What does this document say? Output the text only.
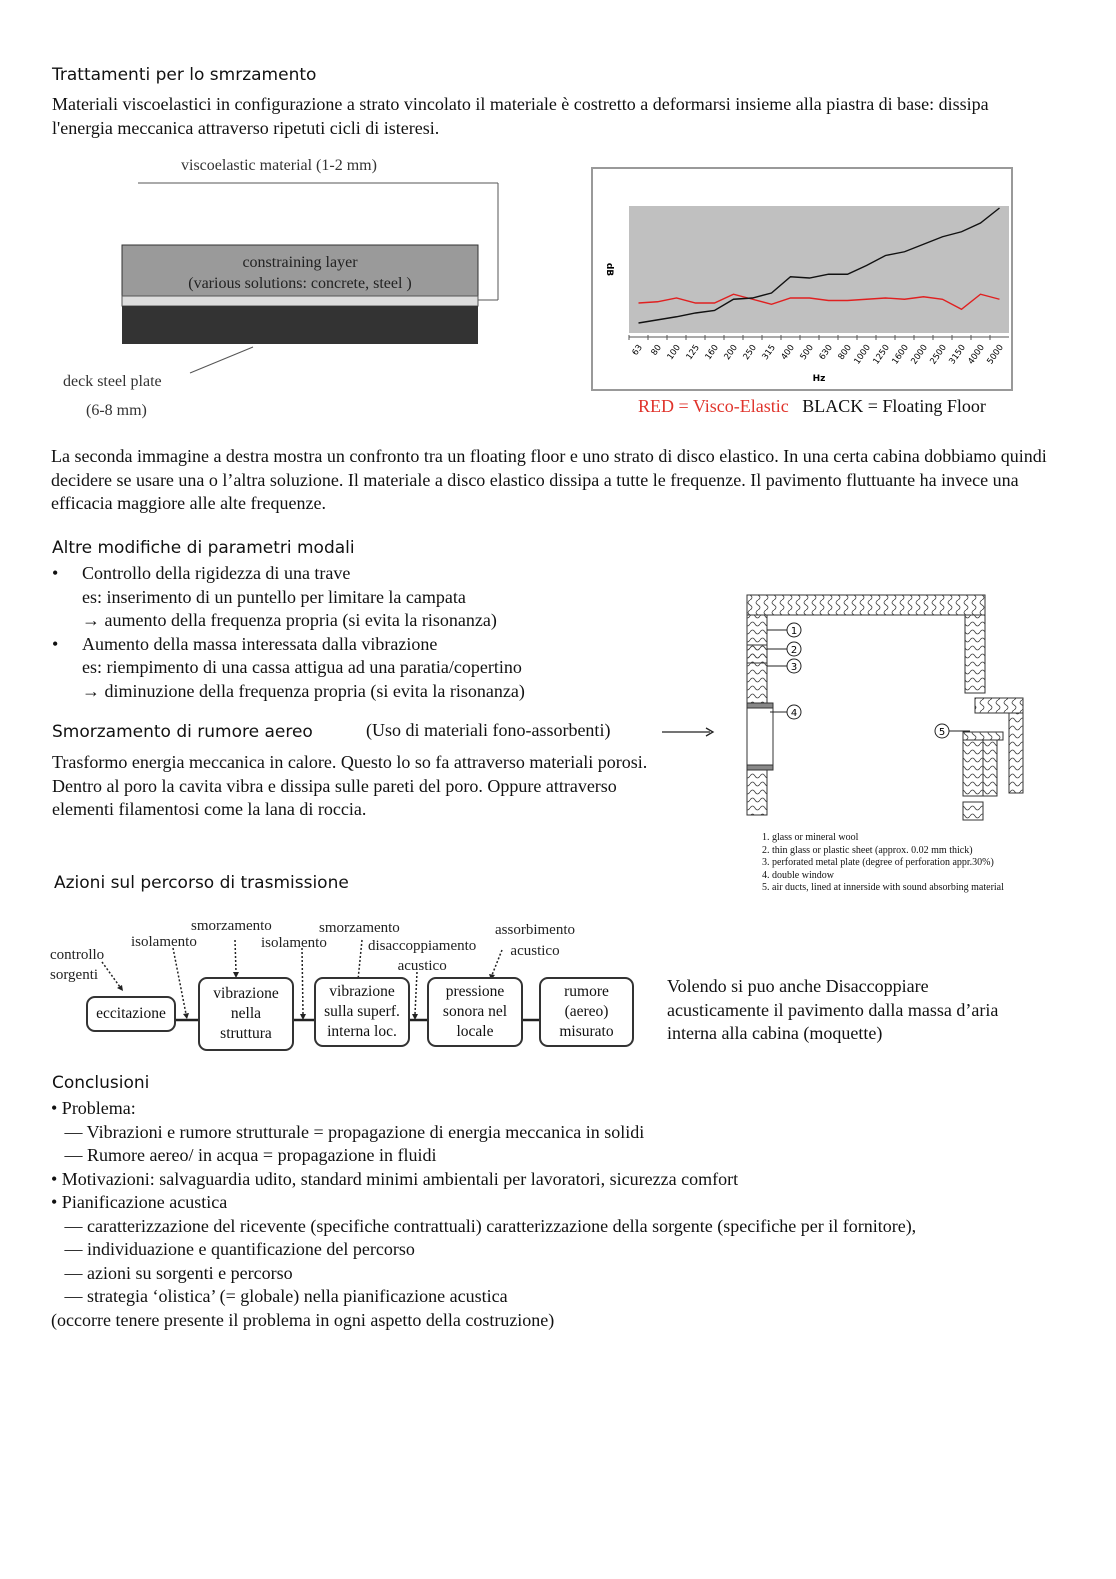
Trattamenti per lo smrzamento
Materiali viscoelastici in configurazione a strato vincolato il materiale è costretto a deformarsi insieme alla piastra di base: dissipa l'energia meccanica attraverso ripetuti cicli di isteresi.
viscoelastic material (1-2 mm)
constraining layer
(various solutions: concrete, steel )
deck steel plate
(6-8 mm)
63 80 100 125 160 200 250 315 400 500 630 800
1000
1250
1600
2000
2500
3150
4000
5000
Hz
dB
RED = Visco-Elastic BLACK = Floating Floor
La seconda immagine a destra mostra un confronto tra un floating floor e uno strato di disco elastico. In una certa cabina dobbiamo quindi decidere se usare una o l’altra soluzione. Il materiale a disco elastico dissipa a tutte le frequenze. Il pavimento fluttuante ha invece una efficacia maggiore alle alte frequenze.
Altre modifiche di parametri modali
• Controllo della rigidezza di una trave
es: inserimento di un puntello per limitare la campata
→ aumento della frequenza propria (si evita la risonanza)
• Aumento della massa interessata dalla vibrazione
es: riempimento di una cassa attigua ad una paratia/copertino
→ diminuzione della frequenza propria (si evita la risonanza)
Smorzamento di rumore aereo	(Uso di materiali fono-assorbenti)
Trasformo energia meccanica in calore. Questo lo so fa attraverso materiali porosi. Dentro al poro la cavita vibra e dissipa sulle pareti del poro. Oppure attraverso elementi filamentosi come la lana di roccia.
1
2
3
4
5
1. glass or mineral wool
2. thin glass or plastic sheet (approx. 0.02 mm thick)
3. perforated metal plate (degree of perforation appr.30%)
4. double window
5. air ducts, lined at innerside with sound absorbing material
Azioni sul percorso di trasmissione
eccitazione
vibrazione
nella
struttura
vibrazione
sulla superf.
interna loc.
pressione
sonora nel
locale
rumore
(aereo)
misurato
controllo
sorgenti
isolamento
smorzamento
isolamento
smorzamento
disaccoppiamento
acustico
assorbimento
acustico
Volendo si puo anche Disaccoppiare acusticamente il pavimento dalla massa d’aria interna alla cabina (moquette)
Conclusioni
• Problema:
— Vibrazioni e rumore strutturale = propagazione di energia meccanica in solidi
— Rumore aereo/ in acqua = propagazione in fluidi
• Motivazioni: salvaguardia udito, standard minimi ambientali per lavoratori, sicurezza comfort
• Pianificazione acustica
— caratterizzazione del ricevente (specifiche contrattuali) caratterizzazione della sorgente (specifiche per il fornitore),
— individuazione e quantificazione del percorso
— azioni su sorgenti e percorso
— strategia ‘olistica’ (= globale) nella pianificazione acustica
(occorre tenere presente il problema in ogni aspetto della costruzione)
